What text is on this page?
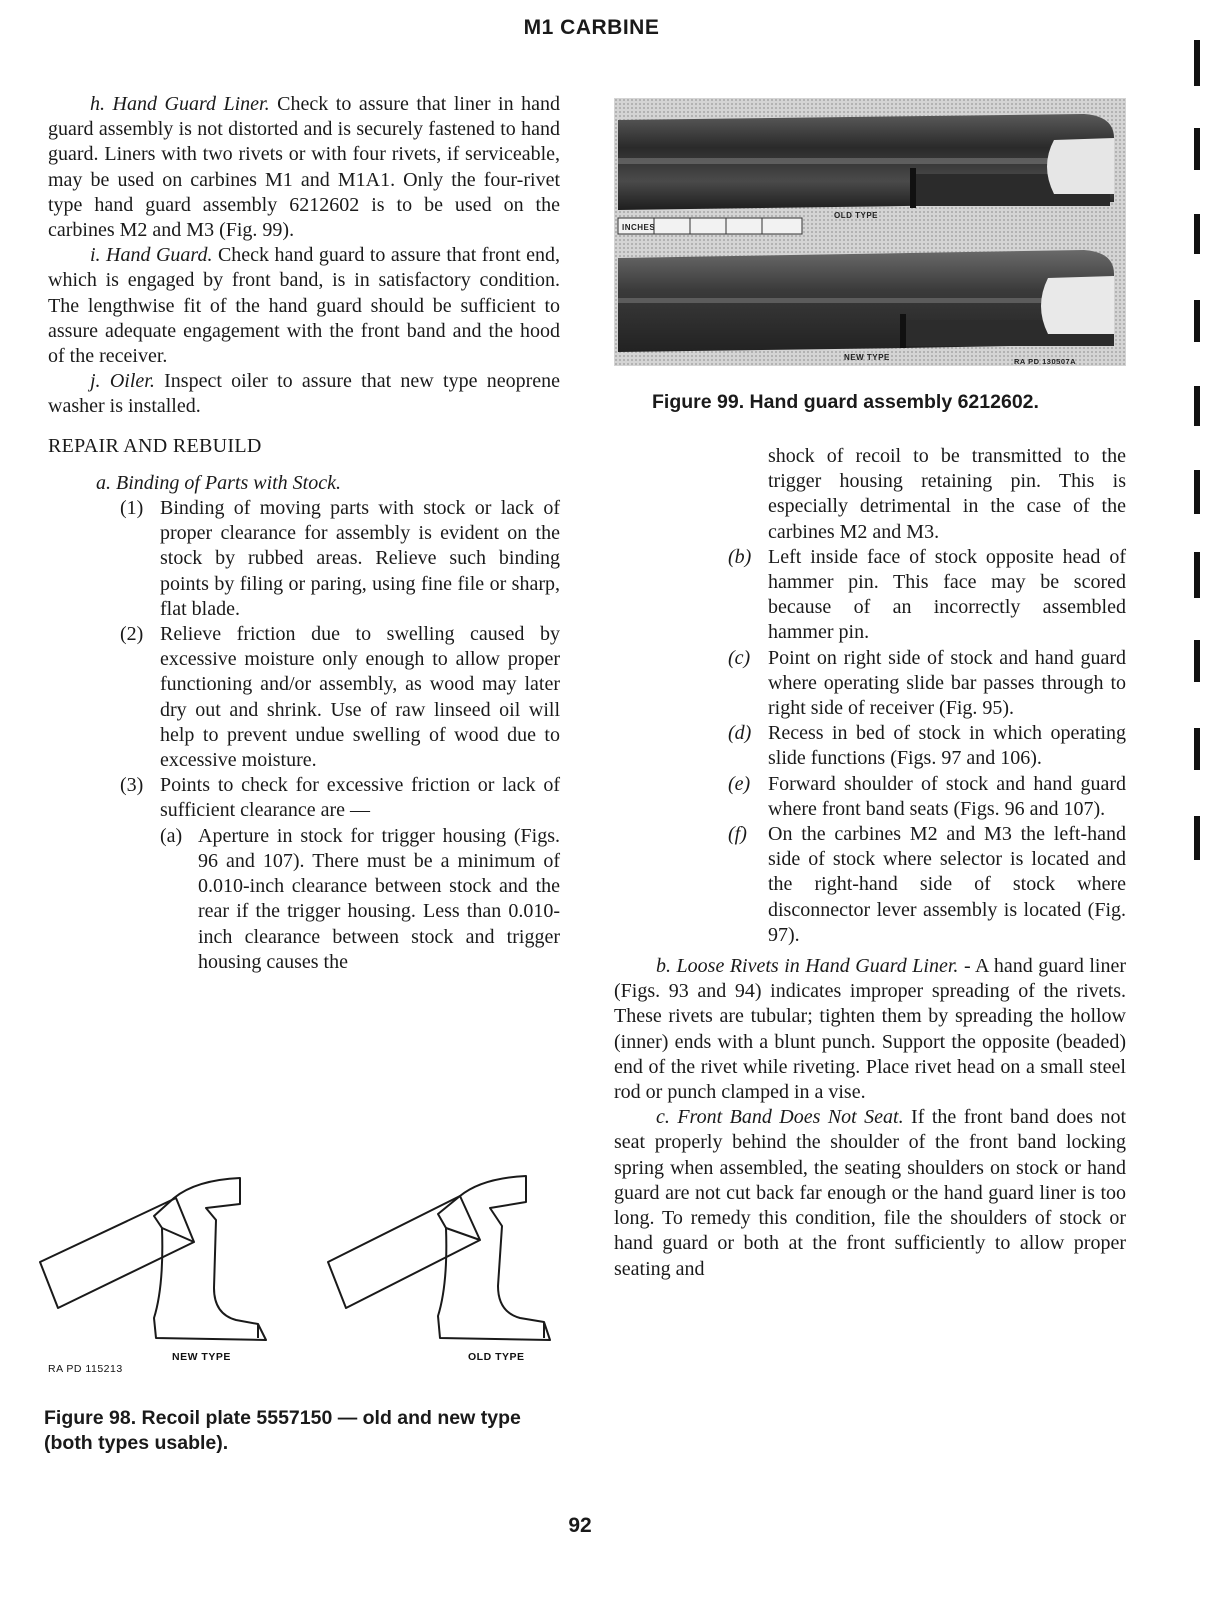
M1 CARBINE

h. Hand Guard Liner. Check to assure that liner in hand guard assembly is not distorted and is securely fastened to hand guard. Liners with two rivets or with four rivets, if serviceable, may be used on carbines M1 and M1A1. Only the four-rivet type hand guard assembly 6212602 is to be used on the carbines M2 and M3 (Fig. 99).

i. Hand Guard. Check hand guard to assure that front end, which is engaged by front band, is in satisfactory condition. The lengthwise fit of the hand guard should be sufficient to assure adequate engagement with the front band and the hood of the receiver.

j. Oiler. Inspect oiler to assure that new type neoprene washer is installed.

REPAIR AND REBUILD

a. Binding of Parts with Stock.

(1) Binding of moving parts with stock or lack of proper clearance for assembly is evident on the stock by rubbed areas. Relieve such binding points by filing or paring, using fine file or sharp, flat blade.

(2) Relieve friction due to swelling caused by excessive moisture only enough to allow proper functioning and/or assembly, as wood may later dry out and shrink. Use of raw linseed oil will help to prevent undue swelling of wood due to excessive moisture.

(3) Points to check for excessive friction or lack of sufficient clearance are —

(a) Aperture in stock for trigger housing (Figs. 96 and 107). There must be a minimum of 0.010-inch clearance between stock and the rear if the trigger housing. Less than 0.010-inch clearance between stock and trigger housing causes the

INCHES
OLD TYPE
NEW TYPE	RA PD 130507A
Figure 99. Hand guard assembly 6212602.

shock of recoil to be transmitted to the trigger housing retaining pin. This is especially detrimental in the case of the carbines M2 and M3.

(b) Left inside face of stock opposite head of hammer pin. This face may be scored because of an incorrectly assembled hammer pin.

(c) Point on right side of stock and hand guard where operating slide bar passes through to right side of receiver (Fig. 95).

(d) Recess in bed of stock in which operating slide functions (Figs. 97 and 106).

(e) Forward shoulder of stock and hand guard where front band seats (Figs. 96 and 107).

(f) On the carbines M2 and M3 the left-hand side of stock where selector is located and the right-hand side of stock where disconnector lever assembly is located (Fig. 97).

b. Loose Rivets in Hand Guard Liner. - A hand guard liner (Figs. 93 and 94) indicates improper spreading of the rivets. These rivets are tubular; tighten them by spreading the hollow (inner) ends with a blunt punch. Support the opposite (beaded) end of the rivet while riveting. Place rivet head on a small steel rod or punch clamped in a vise.

c. Front Band Does Not Seat. If the front band does not seat properly behind the shoulder of the front band locking spring when assembled, the seating shoulders on stock or hand guard are not cut back far enough or the hand guard liner is too long. To remedy this condition, file the shoulders of stock or hand guard or both at the front sufficiently to allow proper seating and

NEW TYPE	OLD TYPE
RA PD 115213
Figure 98. Recoil plate 5557150 — old and new type (both types usable).
92
